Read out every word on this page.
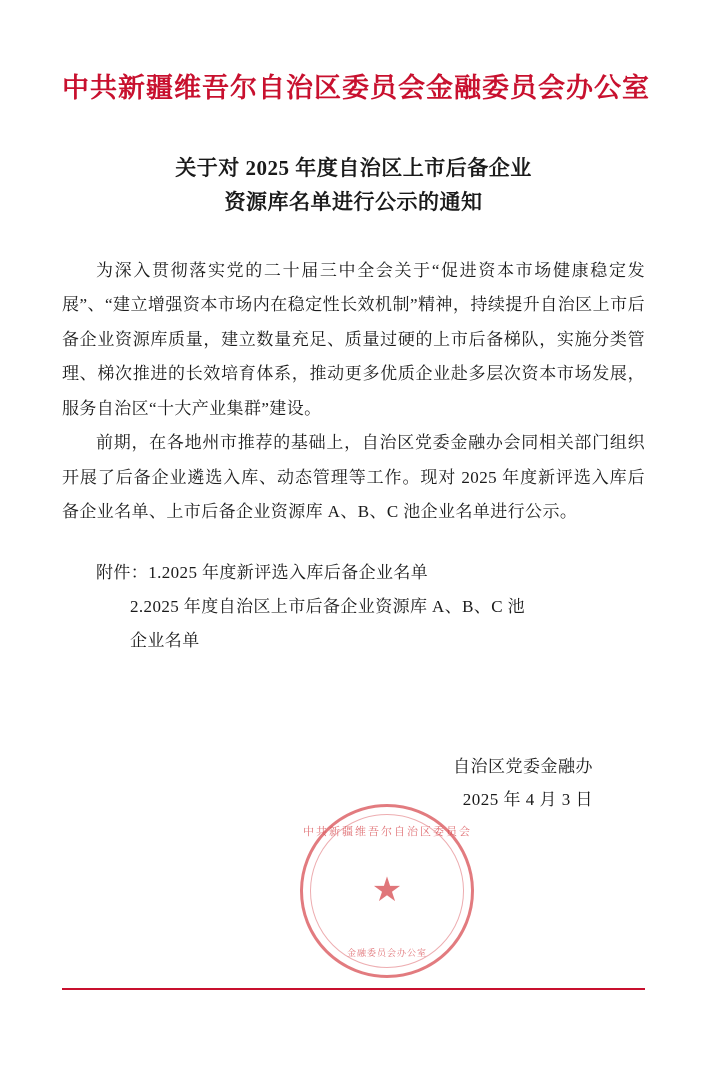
中共新疆维吾尔自治区委员会金融委员会办公室
关于对 2025 年度自治区上市后备企业
资源库名单进行公示的通知

为深入贯彻落实党的二十届三中全会关于“促进资本市场健康稳定发展”、“建立增强资本市场内在稳定性长效机制”精神，持续提升自治区上市后备企业资源库质量，建立数量充足、质量过硬的上市后备梯队，实施分类管理、梯次推进的长效培育体系，推动更多优质企业赴多层次资本市场发展，服务自治区“十大产业集群”建设。

前期，在各地州市推荐的基础上，自治区党委金融办会同相关部门组织开展了后备企业遴选入库、动态管理等工作。现对 2025 年度新评选入库后备企业名单、上市后备企业资源库 A、B、C 池企业名单进行公示。

附件：1.2025 年度新评选入库后备企业名单
2.2025 年度自治区上市后备企业资源库 A、B、C 池
企业名单
中共新疆维吾尔自治区委员会
★
金融委员会办公室
自治区党委金融办
2025 年 4 月 3 日
